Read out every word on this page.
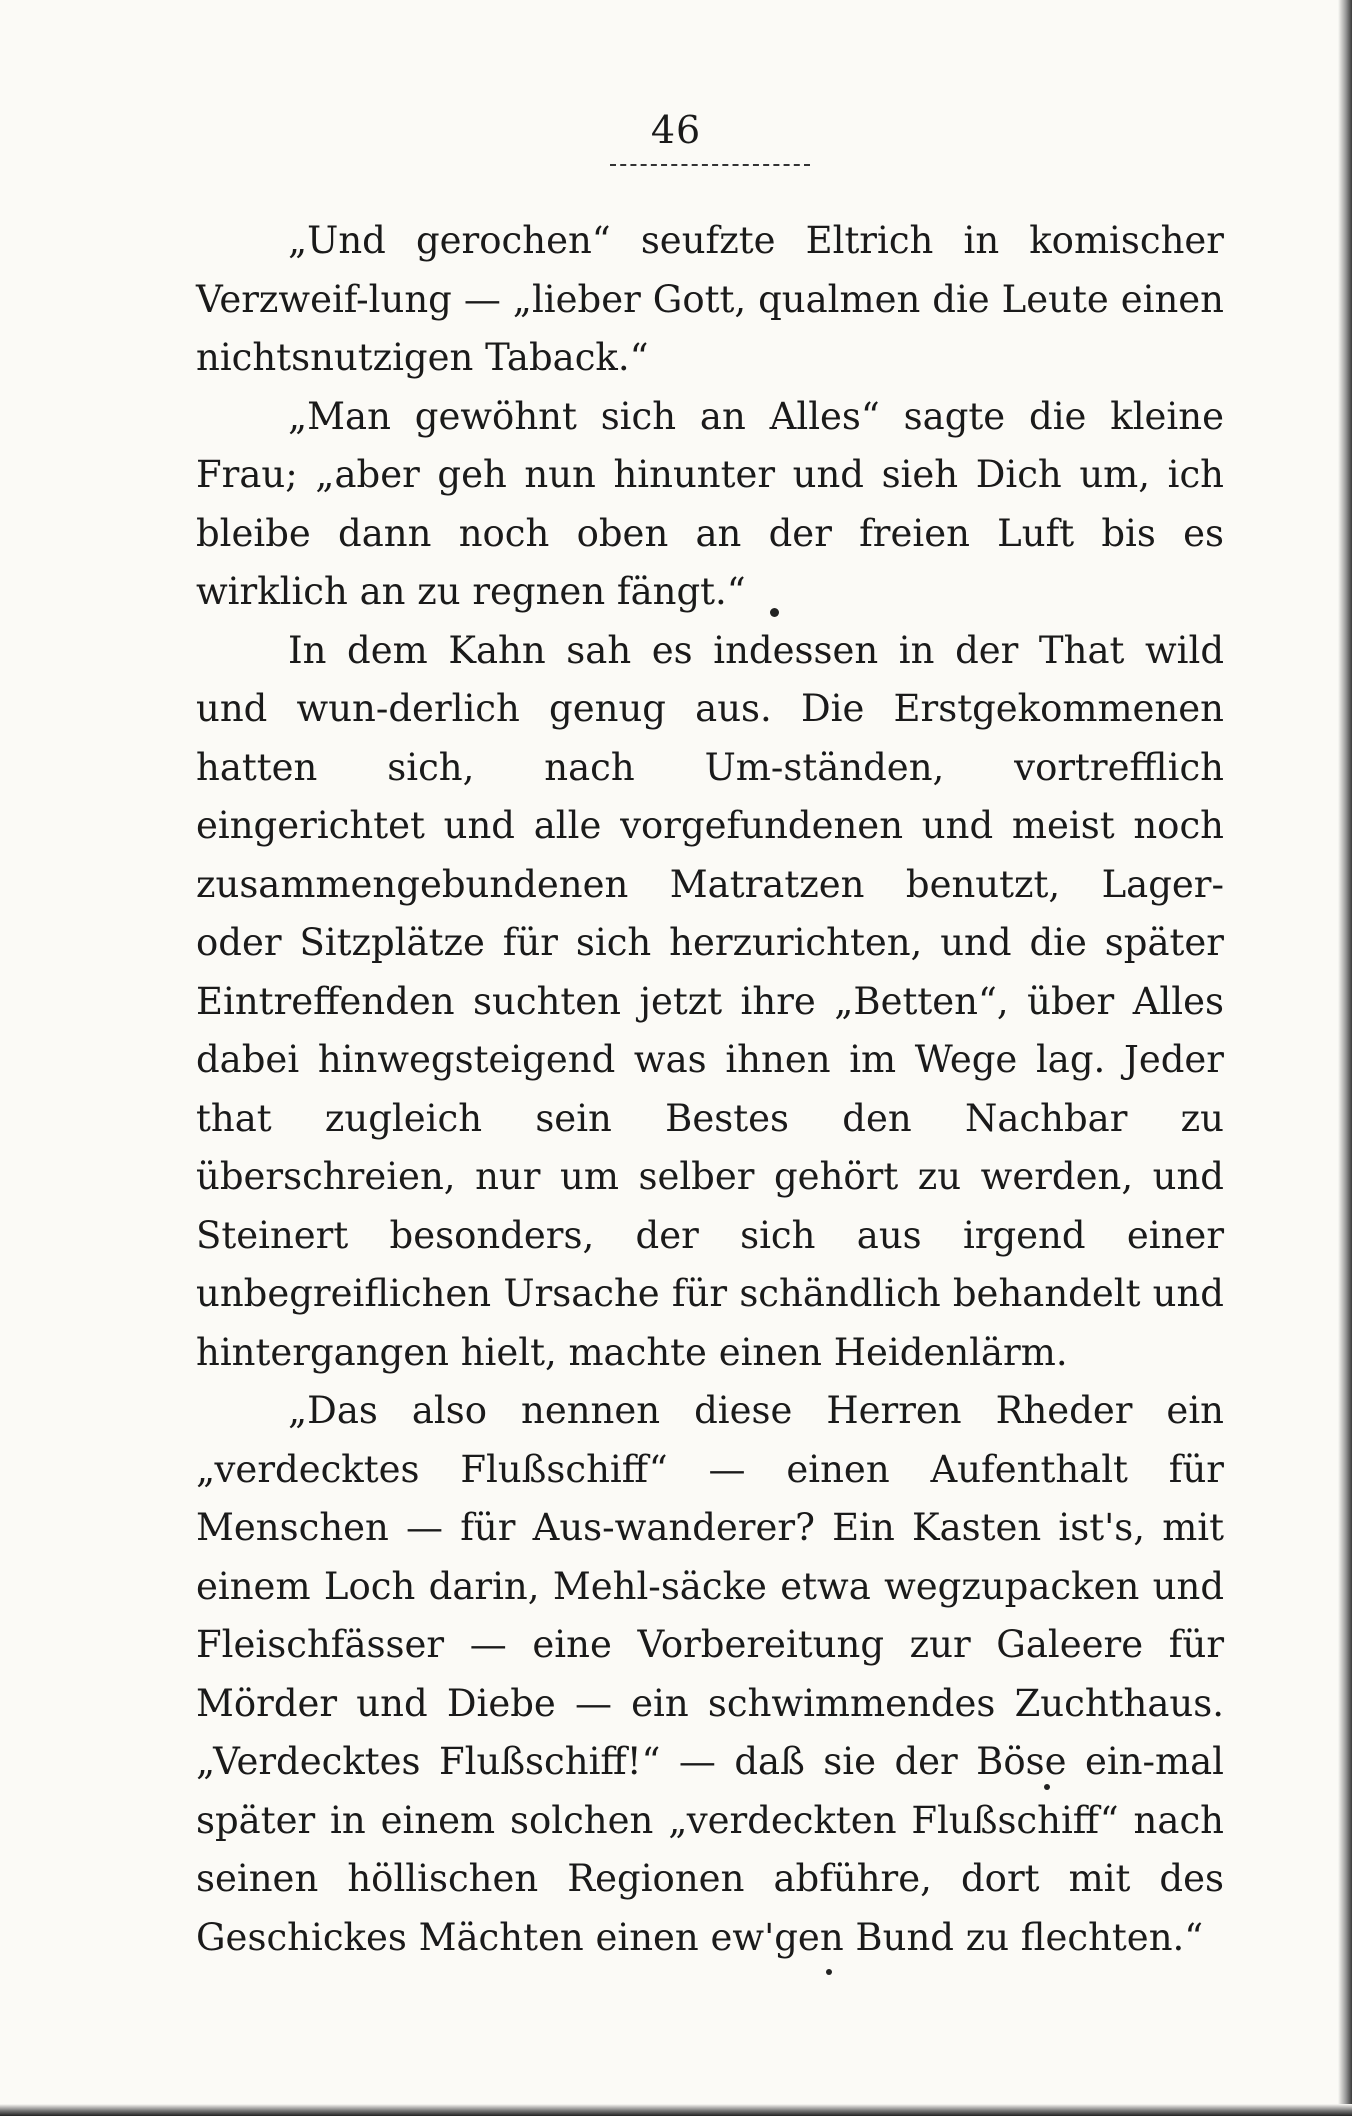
46

„Und gerochen“ seufzte Eltrich in komischer Verzweif-lung — „lieber Gott, qualmen die Leute einen nichtsnutzigen Taback.“

„Man gewöhnt sich an Alles“ sagte die kleine Frau; „aber geh nun hinunter und sieh Dich um, ich bleibe dann noch oben an der freien Luft bis es wirklich an zu regnen fängt.“

In dem Kahn sah es indessen in der That wild und wun-derlich genug aus. Die Erstgekommenen hatten sich, nach Um-ständen, vortrefflich eingerichtet und alle vorgefundenen und meist noch zusammengebundenen Matratzen benutzt, Lager- oder Sitzplätze für sich herzurichten, und die später Eintreffenden suchten jetzt ihre „Betten“, über Alles dabei hinwegsteigend was ihnen im Wege lag. Jeder that zugleich sein Bestes den Nachbar zu überschreien, nur um selber gehört zu werden, und Steinert besonders, der sich aus irgend einer unbegreiflichen Ursache für schändlich behandelt und hintergangen hielt, machte einen Heidenlärm.

„Das also nennen diese Herren Rheder ein „verdecktes Flußschiff“ — einen Aufenthalt für Menschen — für Aus-wanderer? Ein Kasten ist's, mit einem Loch darin, Mehl-säcke etwa wegzupacken und Fleischfässer — eine Vorbereitung zur Galeere für Mörder und Diebe — ein schwimmendes Zuchthaus. „Verdecktes Flußschiff!“ — daß sie der Böse ein-mal später in einem solchen „verdeckten Flußschiff“ nach seinen höllischen Regionen abführe, dort mit des Geschickes Mächten einen ew'gen Bund zu flechten.“
